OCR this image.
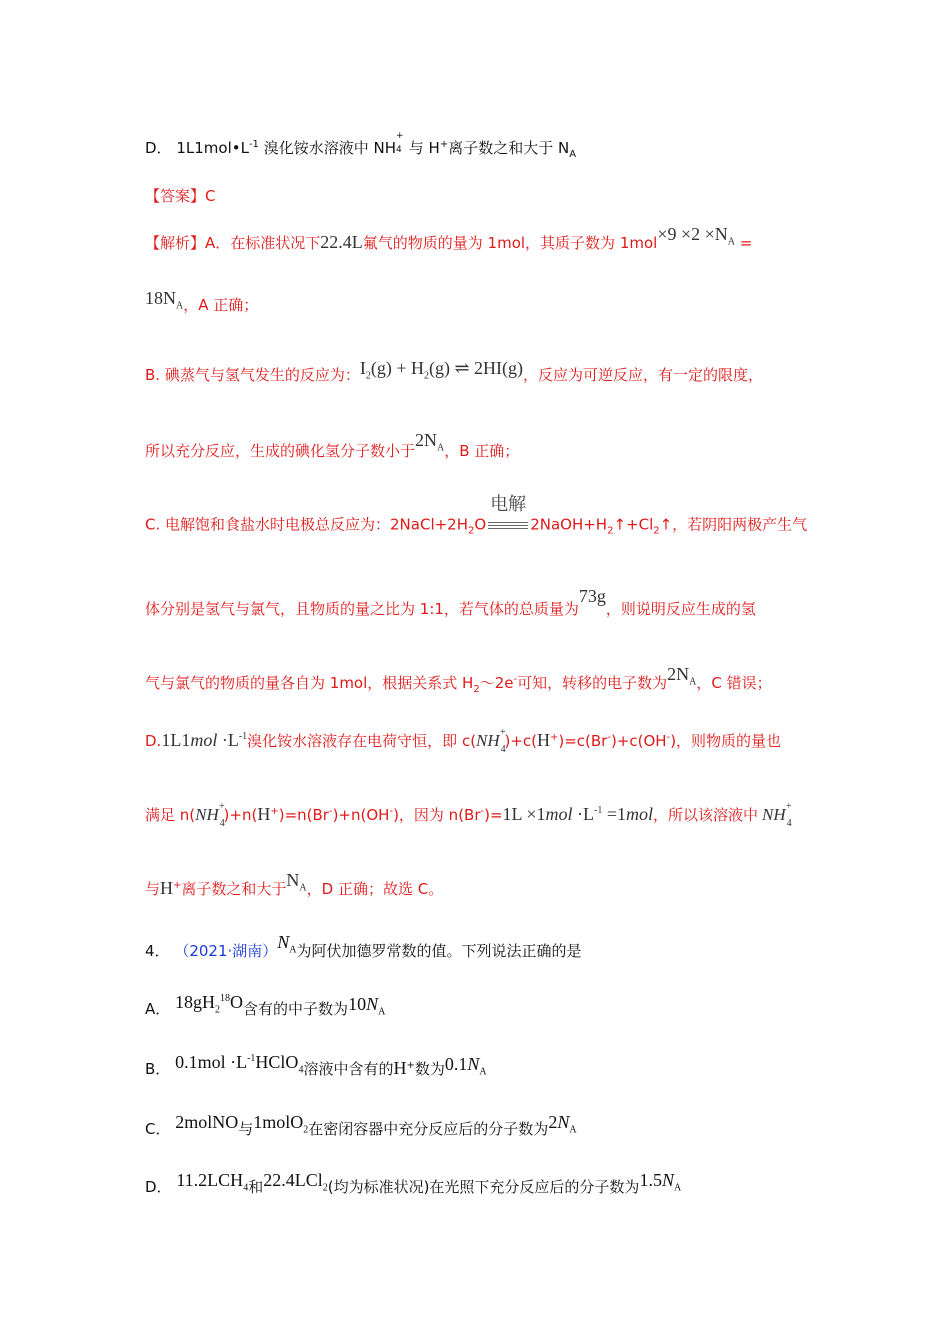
D． $1L1mol•L^{-1}$ 溴化铵水溶液中 NH
+
4 与 H+离子数之和大于 $N_A$
【答案】C
【解析】A．在标准状况下22.4L氟气的物质的量为 1mol，其质子数为 $1mol\times 9 \times 2 \times N_A$ =
$18N_A$，A 正确；
B. 碘蒸气与氢气发生的反应为：$I_2(g) + H_2(g)$ ⇌ 2HI(g)，反应为可逆反应，有一定的限度，
所以充分反应，生成的碘化氢分子数小于$2N_A$，B 正确；
C. 电解饱和食盐水时电极总反应为：$2NaCl+2H_2O$
电解
$2NaOH+H_2↑+Cl_2↑$，若阴阳两极产生气
体分别是氢气与氯气，且物质的量之比为 1:1，若气体的总质量为73g，则说明反应生成的氢
气与氯气的物质的量各自为 1mol，根据关系式 $H_2\sim 2e^-$可知，转移的电子数为$2N_A$，C 错误；
$D.1L1mol \cdot L^{-1}$溴化铵水溶液存在电荷守恒，即 c(NH +
4
)+c(H+)=c(Br-)+c(OH-)，则物质的量也
满足 n(NH +
4
)+n(H+)=n(Br-)+n(OH-)，因为 $n(Br^-)=1L \times 1mol \cdot L^{-1} =1mol$，所以该溶液中 NH +
4
与H+离子数之和大于$N_A$，D 正确；故选 C。
4． （2021·湖南）$N_A$为阿伏加德罗常数的值。下列说法正确的是
A． $18gH_2^{18}O$含有的中子数为$10N_A$
B． $0.1mol \cdot L^{-1}HClO_4$溶液中含有的H+数为$0.1N_A$
C． 2molNO与1molO$_2$在密闭容器中充分反应后的分子数为$2N_A$
D． $11.2LCH_4$和22.4LCl$_2$(均为标准状况)在光照下充分反应后的分子数为$1.5N_A$
